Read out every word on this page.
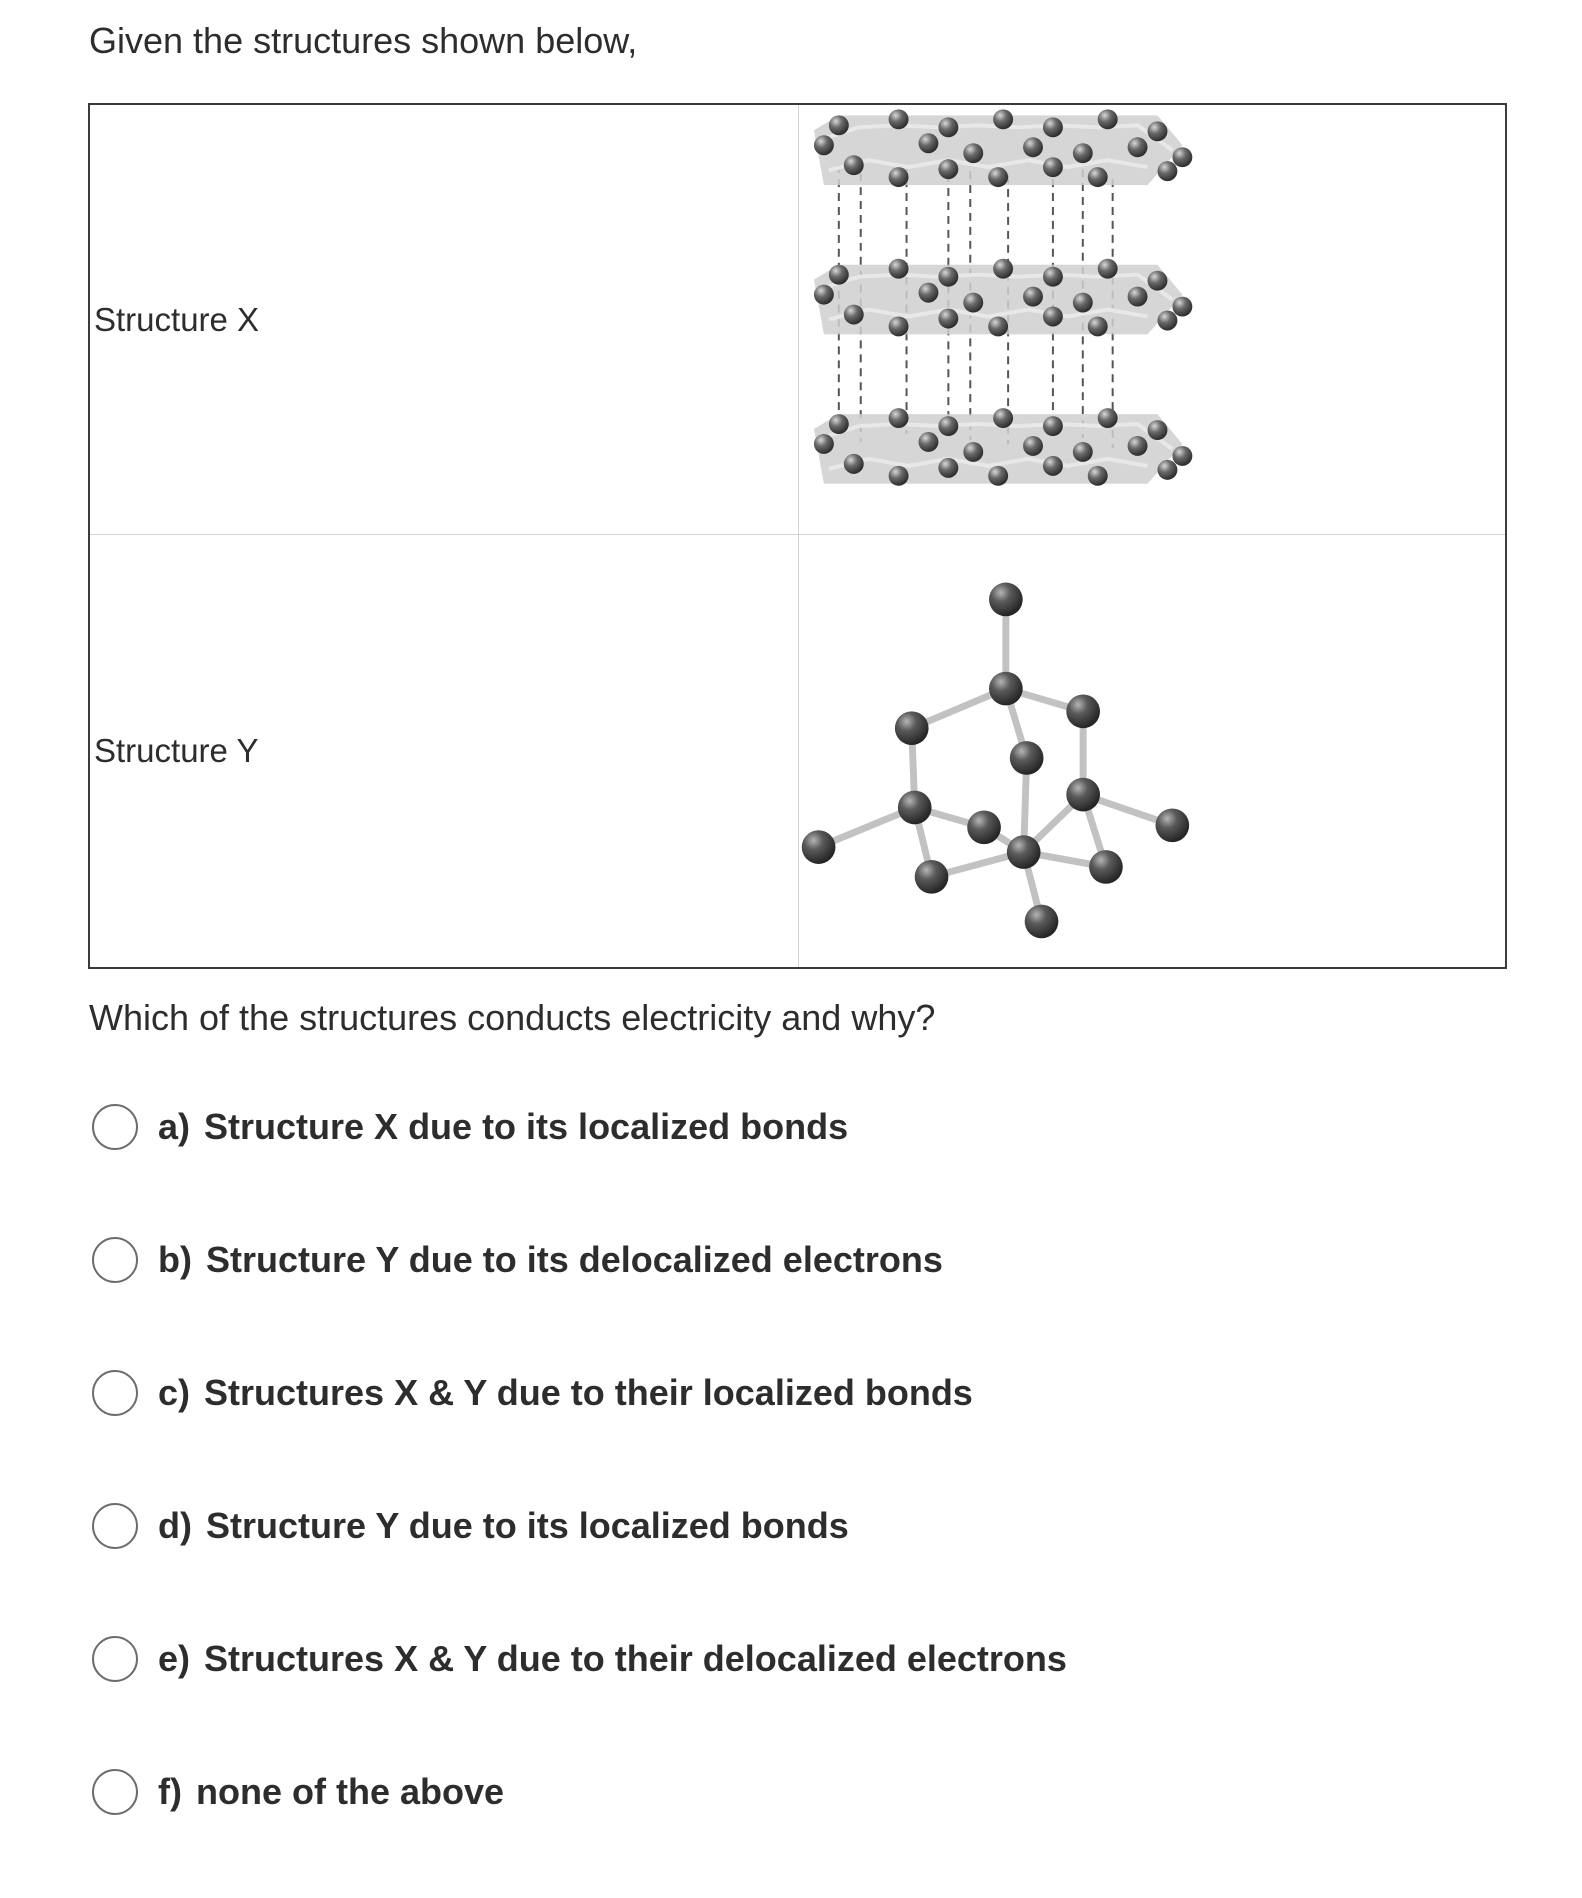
Given the structures shown below,
Structure X
Structure Y
Which of the structures conducts electricity and why?
a) Structure X due to its localized bonds
b) Structure Y due to its delocalized electrons
c) Structures X & Y due to their localized bonds
d) Structure Y due to its localized bonds
e) Structures X & Y due to their delocalized electrons
f) none of the above
